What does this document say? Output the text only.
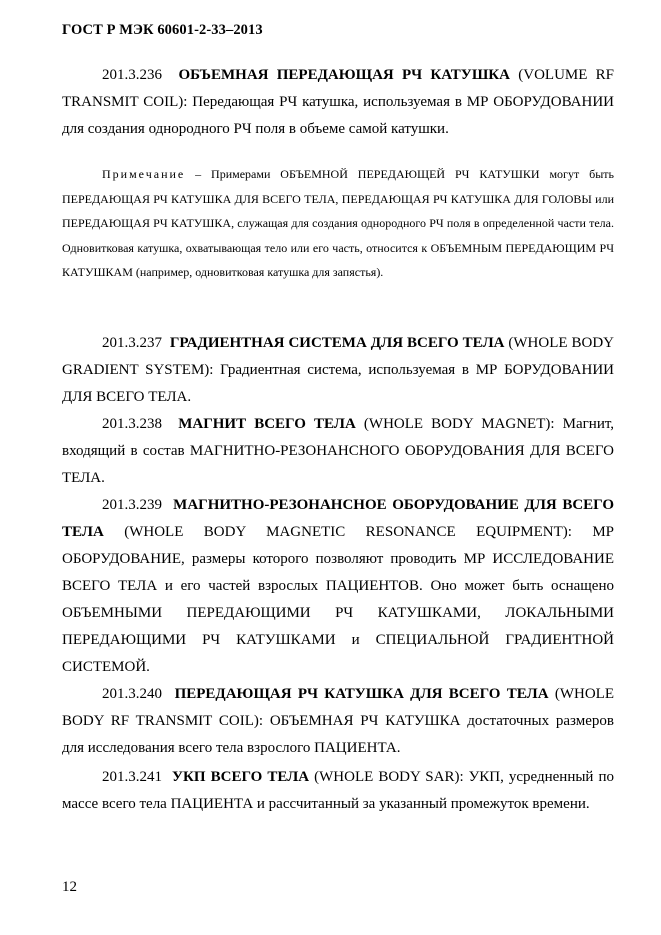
ГОСТ Р МЭК 60601-2-33–2013

201.3.236 ОБЪЕМНАЯ ПЕРЕДАЮЩАЯ РЧ КАТУШКА (VOLUME RF TRANSMIT COIL): Передающая РЧ катушка, используемая в МР ОБОРУДОВАНИИ для создания однородного РЧ поля в объеме самой катушки.

Примечание – Примерами ОБЪЕМНОЙ ПЕРЕДАЮЩЕЙ РЧ КАТУШКИ могут быть ПЕРЕДАЮЩАЯ РЧ КАТУШКА ДЛЯ ВСЕГО ТЕЛА, ПЕРЕДАЮЩАЯ РЧ КАТУШКА ДЛЯ ГОЛОВЫ или ПЕРЕДАЮЩАЯ РЧ КАТУШКА, служащая для создания однородного РЧ поля в определенной части тела. Одновитковая катушка, охватывающая тело или его часть, относится к ОБЪЕМНЫМ ПЕРЕДАЮЩИМ РЧ КАТУШКАМ (например, одновитковая катушка для запястья).

201.3.237 ГРАДИЕНТНАЯ СИСТЕМА ДЛЯ ВСЕГО ТЕЛА (WHOLE BODY GRADIENT SYSTEM): Градиентная система, используемая в МР БОРУДОВАНИИ ДЛЯ ВСЕГО ТЕЛА.

201.3.238 МАГНИТ ВСЕГО ТЕЛА (WHOLE BODY MAGNET): Магнит, входящий в состав МАГНИТНО-РЕЗОНАНСНОГО ОБОРУДОВАНИЯ ДЛЯ ВСЕГО ТЕЛА.

201.3.239 МАГНИТНО-РЕЗОНАНСНОЕ ОБОРУДОВАНИЕ ДЛЯ ВСЕГО ТЕЛА (WHOLE BODY MAGNETIC RESONANCE EQUIPMENT): МР ОБОРУДОВАНИЕ, размеры которого позволяют проводить МР ИССЛЕДОВАНИЕ ВСЕГО ТЕЛА и его частей взрослых ПАЦИЕНТОВ. Оно может быть оснащено ОБЪЕМНЫМИ ПЕРЕДАЮЩИМИ РЧ КАТУШКАМИ, ЛОКАЛЬНЫМИ ПЕРЕДАЮЩИМИ РЧ КАТУШКАМИ и СПЕЦИАЛЬНОЙ ГРАДИЕНТНОЙ СИСТЕМОЙ.

201.3.240 ПЕРЕДАЮЩАЯ РЧ КАТУШКА ДЛЯ ВСЕГО ТЕЛА (WHOLE BODY RF TRANSMIT COIL): ОБЪЕМНАЯ РЧ КАТУШКА достаточных размеров для исследования всего тела взрослого ПАЦИЕНТА.

201.3.241 УКП ВСЕГО ТЕЛА (WHOLE BODY SAR): УКП, усредненный по массе всего тела ПАЦИЕНТА и рассчитанный за указанный промежуток времени.

12
